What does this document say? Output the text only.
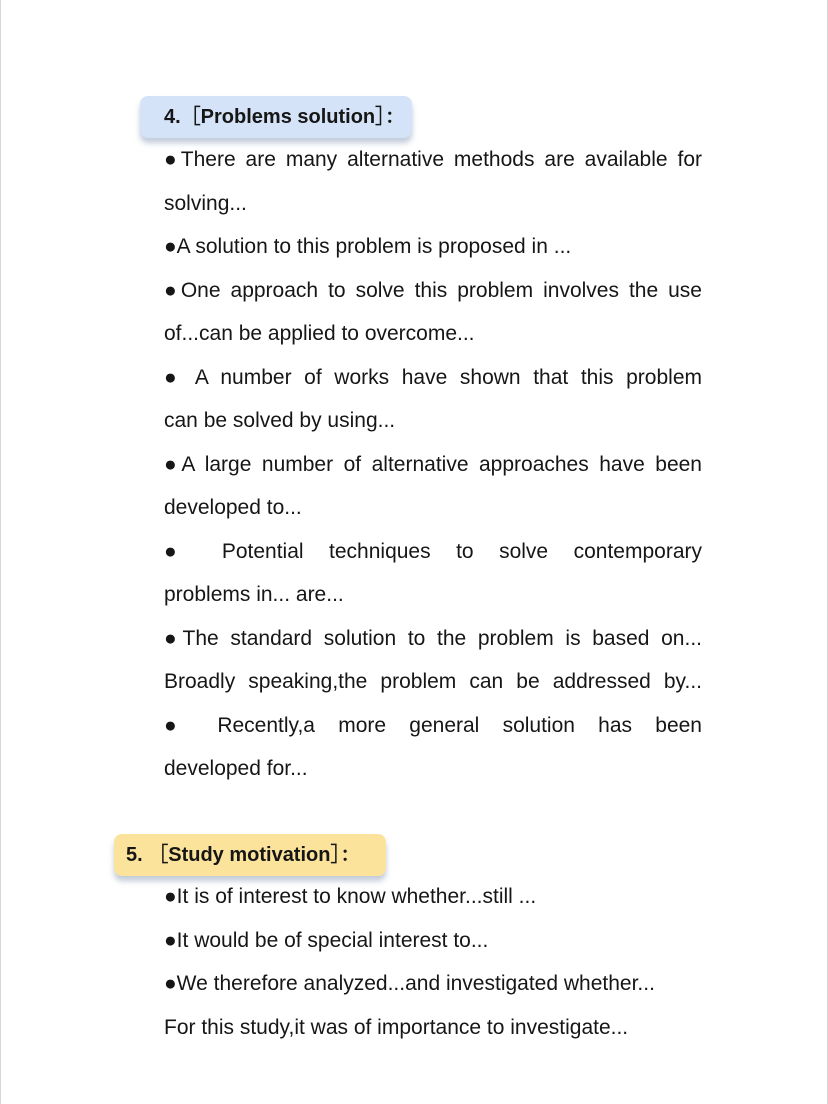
4.［Problems solution］：
●There are many alternative methods are available for
solving...
●A solution to this problem is proposed in ...
●One approach to solve this problem involves the use
of...can be applied to overcome...
● A number of works have shown that this problem
can be solved by using...
●A large number of alternative approaches have been
developed to...
● Potential techniques to solve contemporary
problems in... are...
●The standard solution to the problem is based on...
Broadly speaking,the problem can be addressed by...
● Recently,a more general solution has been
developed for...
5. ［Study motivation］：
●It is of interest to know whether...still ...
●It would be of special interest to...
●We therefore analyzed...and investigated whether...
For this study,it was of importance to investigate...
